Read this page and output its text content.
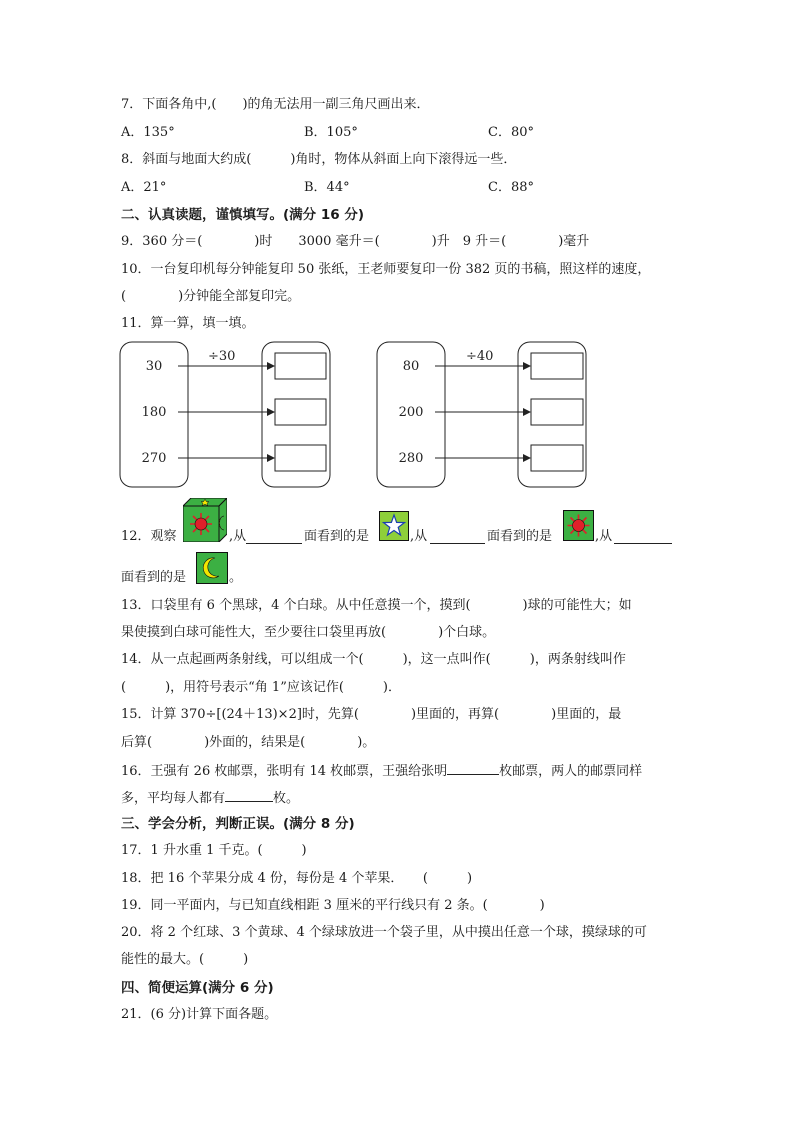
7．下面各角中,(　　)的角无法用一副三角尺画出来．
A．135°	B．105°	C．80°
8．斜面与地面大约成(　　　)角时，物体从斜面上向下滚得远一些．
A．21°	B．44°	C．88°
二、认真读题，谨慎填写。(满分 16 分)
9．360 分＝(　　　　)时　　3000 毫升＝(　　　　)升　9 升＝(　　　　)毫升
10．一台复印机每分钟能复印 50 张纸，王老师要复印一份 382 页的书稿，照这样的速度，
(　　　　)分钟能全部复印完。
11．算一算，填一填。
÷30
30
180
270
÷40
80
200
280
12．观察	,从	面看到的是	,从	面看到的是	,从
面看到的是	。
13．口袋里有 6 个黑球，4 个白球。从中任意摸一个，摸到(　　　　)球的可能性大；如
果使摸到白球可能性大，至少要往口袋里再放(　　　　)个白球。
14．从一点起画两条射线，可以组成一个(　　　)，这一点叫作(　　　)，两条射线叫作
(　　　)，用符号表示“角 1”应该记作(　　　)．
15．计算 370÷[(24＋13)×2]时，先算(　　　　)里面的，再算(　　　　)里面的，最
后算(　　　　)外面的，结果是(　　　　)。
16．王强有 26 枚邮票，张明有 14 枚邮票，王强给张明	枚邮票，两人的邮票同样
多，平均每人都有	枚。
三、学会分析，判断正误。(满分 8 分)
17．1 升水重 1 千克。(　　　)
18．把 16 个苹果分成 4 份，每份是 4 个苹果．　　(　　　)
19．同一平面内，与已知直线相距 3 厘米的平行线只有 2 条。(　　　　)
20．将 2 个红球、3 个黄球、4 个绿球放进一个袋子里，从中摸出任意一个球，摸绿球的可
能性的最大。(　　　)
四、简便运算(满分 6 分)
21．(6 分)计算下面各题。
